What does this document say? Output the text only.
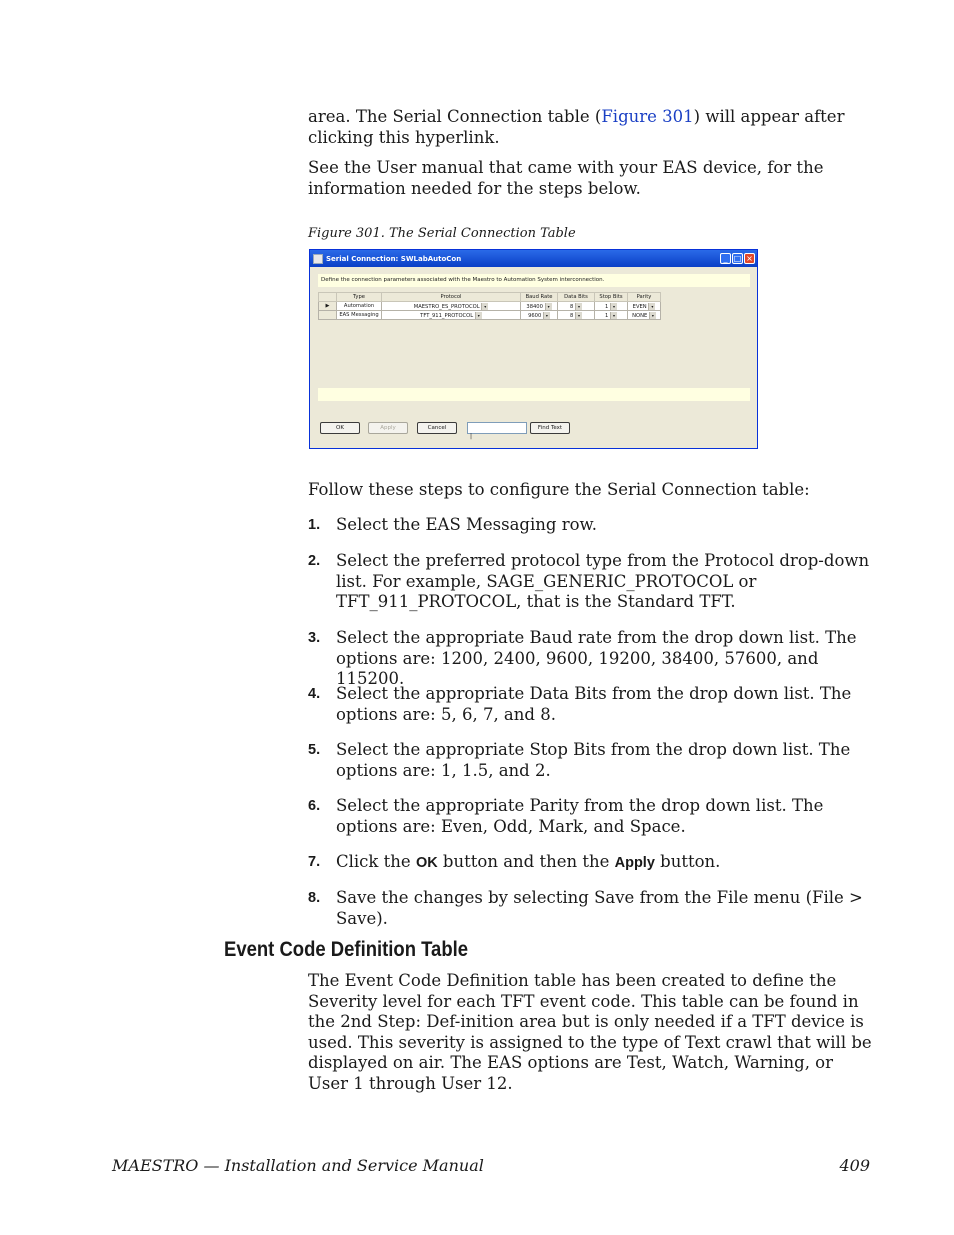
area. The Serial Connection table (Figure 301) will appear after clicking this hyperlink.

See the User manual that came with your EAS device, for the information needed for the steps below.

Figure 301. The Serial Connection Table
Serial Connection: SWLabAutoCon	_ □ ×
Define the connection parameters associated with the Maestro to Automation System interconnection.
	Type	Protocol	Baud Rate	Data Bits	Stop Bits	Parity
▶	Automation	MAESTRO_ES_PROTOCOL ▾	38400 ▾	8 ▾	1 ▾	EVEN ▾
	EAS Messaging	TFT_911_PROTOCOL ▾	9600 ▾	8 ▾	1 ▾	NONE ▾
OK	Apply	Cancel
|
Find Text

Follow these steps to configure the Serial Connection table:

1. Select the EAS Messaging row.
2. Select the preferred protocol type from the Protocol drop-down list. For example, SAGE_GENERIC_PROTOCOL or TFT_911_PROTOCOL, that is the Standard TFT.
3. Select the appropriate Baud rate from the drop down list. The options are: 1200, 2400, 9600, 19200, 38400, 57600, and 115200.
4. Select the appropriate Data Bits from the drop down list. The options are: 5, 6, 7, and 8.
5. Select the appropriate Stop Bits from the drop down list. The options are: 1, 1.5, and 2.
6. Select the appropriate Parity from the drop down list. The options are: Even, Odd, Mark, and Space.
7. Click the OK button and then the Apply button.
8. Save the changes by selecting Save from the File menu (File > Save).
Event Code Definition Table

The Event Code Definition table has been created to define the Severity level for each TFT event code. This table can be found in the 2nd Step: Def-inition area but is only needed if a TFT device is used. This severity is assigned to the type of Text crawl that will be displayed on air. The EAS options are Test, Watch, Warning, or User 1 through User 12.

MAESTRO — Installation and Service Manual	409
